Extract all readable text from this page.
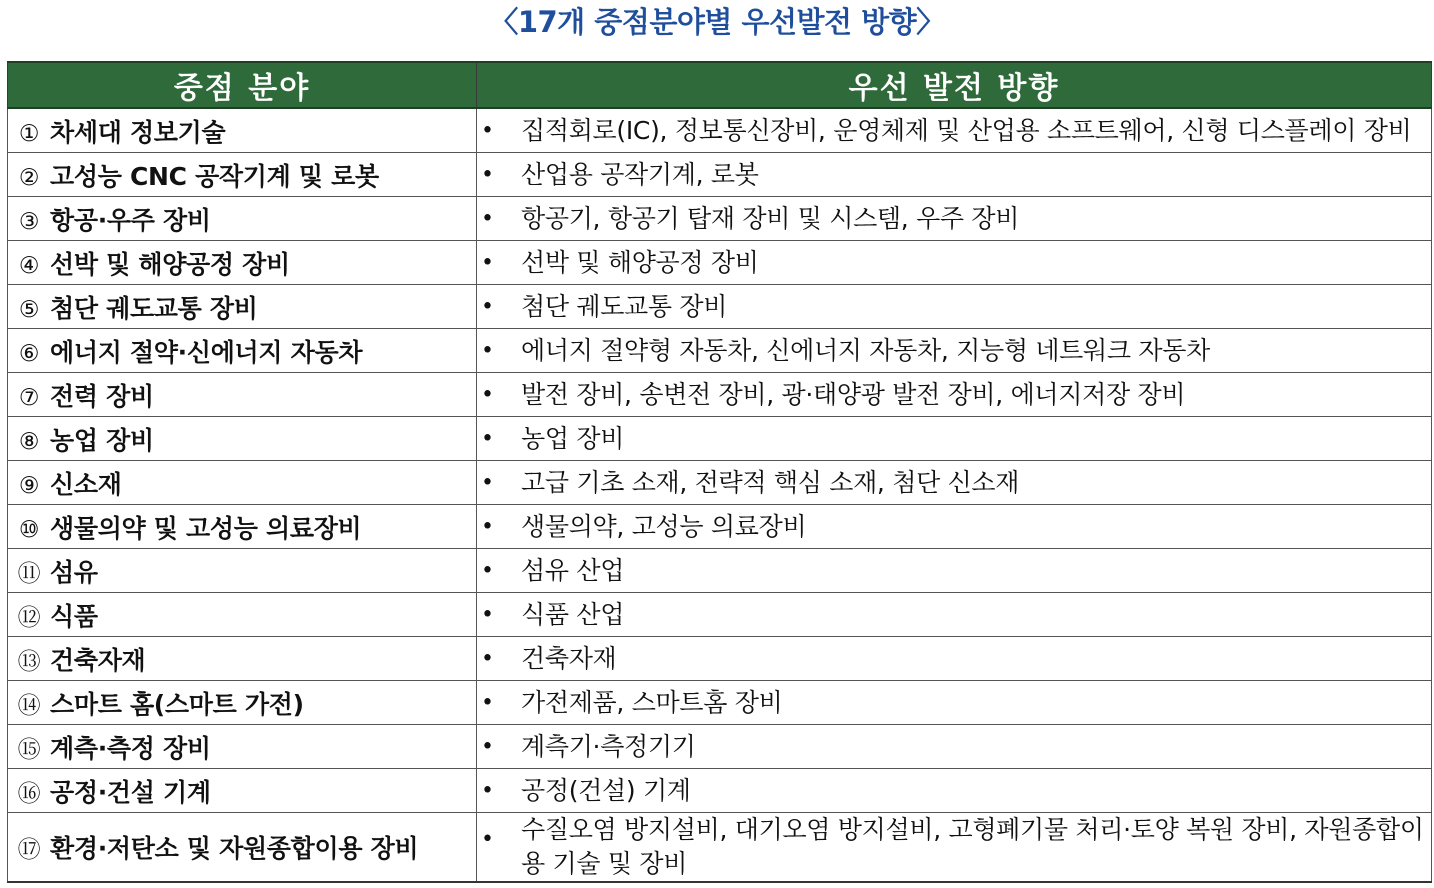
〈17개 중점분야별 우선발전 방향〉
중점 분야	우선 발전 방향
① 차세대 정보기술	• 집적회로(IC), 정보통신장비, 운영체제 및 산업용 소프트웨어, 신형 디스플레이 장비

② 고성능 CNC 공작기계 및 로봇	• 산업용 공작기계, 로봇

③ 항공·우주 장비	• 항공기, 항공기 탑재 장비 및 시스템, 우주 장비

④ 선박 및 해양공정 장비	• 선박 및 해양공정 장비

⑤ 첨단 궤도교통 장비	• 첨단 궤도교통 장비

⑥ 에너지 절약·신에너지 자동차	• 에너지 절약형 자동차, 신에너지 자동차, 지능형 네트워크 자동차

⑦ 전력 장비	• 발전 장비, 송변전 장비, 광·태양광 발전 장비, 에너지저장 장비

⑧ 농업 장비	• 농업 장비

⑨ 신소재	• 고급 기초 소재, 전략적 핵심 소재, 첨단 신소재

⑩ 생물의약 및 고성능 의료장비	• 생물의약, 고성능 의료장비

⑪ 섬유	• 섬유 산업

⑫ 식품	• 식품 산업

⑬ 건축자재	• 건축자재

⑭ 스마트 홈(스마트 가전)	• 가전제품, 스마트홈 장비

⑮ 계측·측정 장비	• 계측기·측정기기

⑯ 공정·건설 기계	• 공정(건설) 기계

⑰ 환경·저탄소 및 자원종합이용 장비	• 수질오염 방지설비, 대기오염 방지설비, 고형폐기물 처리·토양 복원 장비, 자원종합이용 기술 및 장비
